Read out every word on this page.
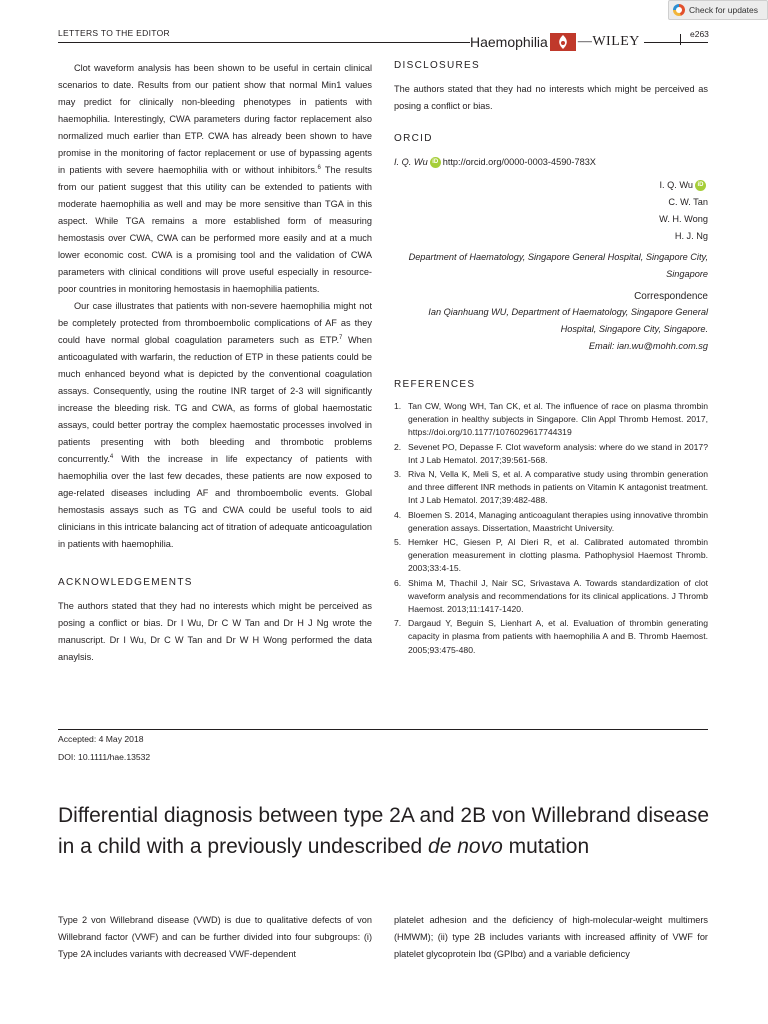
Check for updates
LETTERS TO THE EDITOR
Haemophilia —WILEY	e263

Clot waveform analysis has been shown to be useful in certain clinical scenarios to date. Results from our patient show that normal Min1 values may predict for clinically non-bleeding phenotypes in patients with haemophilia. Interestingly, CWA parameters during factor replacement also normalized much earlier than ETP. CWA has already been shown to have promise in the monitoring of factor replacement or use of bypassing agents in patients with severe haemophilia with or without inhibitors.$^6$ The results from our patient suggest that this utility can be extended to patients with moderate haemophilia as well and may be more sensitive than TGA in this aspect. While TGA remains a more established form of measuring hemostasis over CWA, CWA can be performed more easily and at a much lower economic cost. CWA is a promising tool and the validation of CWA parameters with clinical conditions will prove useful especially in resource-poor countries in monitoring hemostasis in haemophilia patients.

Our case illustrates that patients with non-severe haemophilia might not be completely protected from thromboembolic complications of AF as they could have normal global coagulation parameters such as ETP.$^7$ When anticoagulated with warfarin, the reduction of ETP in these patients could be much enhanced beyond what is depicted by the conventional coagulation assays. Consequently, using the routine INR target of 2-3 will significantly increase the bleeding risk. TG and CWA, as forms of global haemostatic assays, could better portray the complex haemostatic processes involved in patients presenting with both bleeding and thrombotic problems concurrently.$^4$ With the increase in life expectancy of patients with haemophilia over the last few decades, these patients are now exposed to age-related diseases including AF and thromboembolic events. Global hemostasis assays such as TG and CWA could be useful tools to aid clinicians in this intricate balancing act of titration of adequate anticoagulation in patients with haemophilia.

ACKNOWLEDGEMENTS

The authors stated that they had no interests which might be perceived as posing a conflict or bias. Dr I Wu, Dr C W Tan and Dr H J Ng wrote the manuscript. Dr I Wu, Dr C W Tan and Dr W H Wong performed the data anaylsis.

DISCLOSURES

The authors stated that they had no interests which might be perceived as posing a conflict or bias.

ORCID

I. Q. Wu iD http://orcid.org/0000-0003-4590-783X

I. Q. Wu iD
C. W. Tan
W. H. Wong
H. J. Ng

Department of Haematology, Singapore General Hospital, Singapore City, Singapore

Correspondence

Ian Qianhuang WU, Department of Haematology, Singapore General Hospital, Singapore City, Singapore.

Email: ian.wu@mohh.com.sg

REFERENCES
1. Tan CW, Wong WH, Tan CK, et al. The influence of race on plasma thrombin generation in healthy subjects in Singapore. Clin Appl Thromb Hemost. 2017, https://doi.org/10.1177/1076029617744319
2. Sevenet PO, Depasse F. Clot waveform analysis: where do we stand in 2017? Int J Lab Hematol. 2017;39:561-568.
3. Riva N, Vella K, Meli S, et al. A comparative study using thrombin generation and three different INR methods in patients on Vitamin K antagonist treatment. Int J Lab Hematol. 2017;39:482-488.
4. Bloemen S. 2014, Managing anticoagulant therapies using innovative thrombin generation assays. Dissertation, Maastricht University.
5. Hemker HC, Giesen P, Al Dieri R, et al. Calibrated automated thrombin generation measurement in clotting plasma. Pathophysiol Haemost Thromb. 2003;33:4-15.
6. Shima M, Thachil J, Nair SC, Srivastava A. Towards standardization of clot waveform analysis and recommendations for its clinical applications. J Thromb Haemost. 2013;11:1417-1420.
7. Dargaud Y, Beguin S, Lienhart A, et al. Evaluation of thrombin generating capacity in plasma from patients with haemophilia A and B. Thromb Haemost. 2005;93:475-480.
Accepted: 4 May 2018
DOI: 10.1111/hae.13532
Differential diagnosis between type 2A and 2B von Willebrand disease in a child with a previously undescribed de novo mutation

Type 2 von Willebrand disease (VWD) is due to qualitative defects of von Willebrand factor (VWF) and can be further divided into four subgroups: (i) Type 2A includes variants with decreased VWF-dependent

platelet adhesion and the deficiency of high-molecular-weight multimers (HMWM); (ii) type 2B includes variants with increased affinity of VWF for platelet glycoprotein Ibα (GPIbα) and a variable deficiency
